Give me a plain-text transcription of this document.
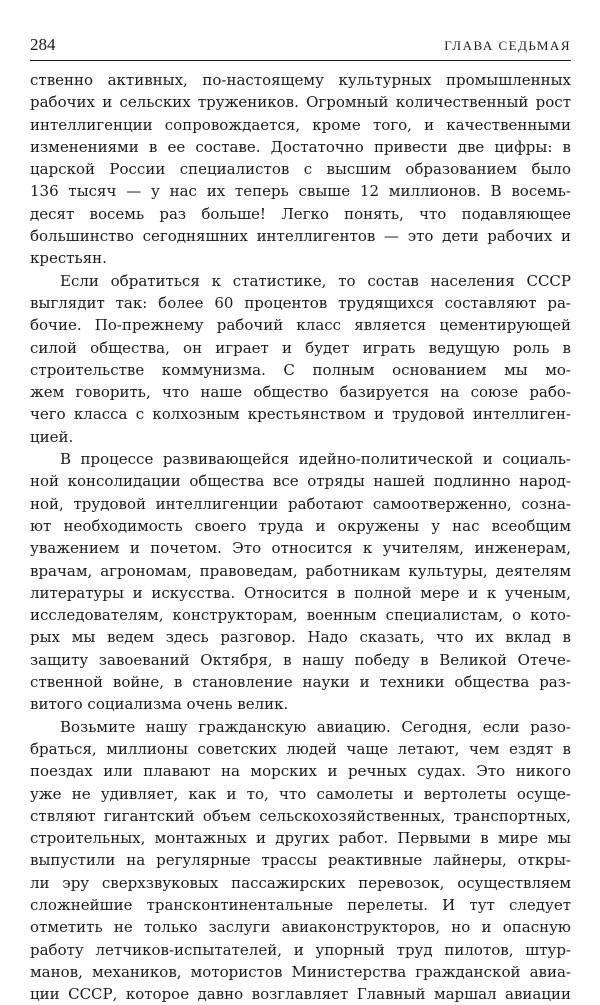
284	ГЛАВА СЕДЬМАЯ
ственно активных, по-настоящему культурных промышленных
рабочих и сельских тружеников. Огромный количественный рост
интеллигенции сопровождается, кроме того, и качественными
изменениями в ее составе. Достаточно привести две цифры: в
царской России специалистов с высшим образованием было
136 тысяч — у нас их теперь свыше 12 миллионов. В восемь-
десят восемь раз больше! Легко понять, что подавляющее
большинство сегодняшних интеллигентов — это дети рабочих и
крестьян.
Если обратиться к статистике, то состав населения СССР
выглядит так: более 60 процентов трудящихся составляют ра-
бочие. По-прежнему рабочий класс является цементирующей
силой общества, он играет и будет играть ведущую роль в
строительстве коммунизма. С полным основанием мы мо-
жем говорить, что наше общество базируется на союзе рабо-
чего класса с колхозным крестьянством и трудовой интеллиген-
цией.
В процессе развивающейся идейно-политической и социаль-
ной консолидации общества все отряды нашей подлинно народ-
ной, трудовой интеллигенции работают самоотверженно, созна-
ют необходимость своего труда и окружены у нас всеобщим
уважением и почетом. Это относится к учителям, инженерам,
врачам, агрономам, правоведам, работникам культуры, деятелям
литературы и искусства. Относится в полной мере и к ученым,
исследователям, конструкторам, военным специалистам, о кото-
рых мы ведем здесь разговор. Надо сказать, что их вклад в
защиту завоеваний Октября, в нашу победу в Великой Отече-
ственной войне, в становление науки и техники общества раз-
витого социализма очень велик.
Возьмите нашу гражданскую авиацию. Сегодня, если разо-
браться, миллионы советских людей чаще летают, чем ездят в
поездах или плавают на морских и речных судах. Это никого
уже не удивляет, как и то, что самолеты и вертолеты осуще-
ствляют гигантский объем сельскохозяйственных, транспортных,
строительных, монтажных и других работ. Первыми в мире мы
выпустили на регулярные трассы реактивные лайнеры, откры-
ли эру сверхзвуковых пассажирских перевозок, осуществляем
сложнейшие трансконтинентальные перелеты. И тут следует
отметить не только заслуги авиаконструкторов, но и опасную
работу летчиков-испытателей, и упорный труд пилотов, штур-
манов, механиков, мотористов Министерства гражданской авиа-
ции СССР, которое давно возглавляет Главный маршал авиации
